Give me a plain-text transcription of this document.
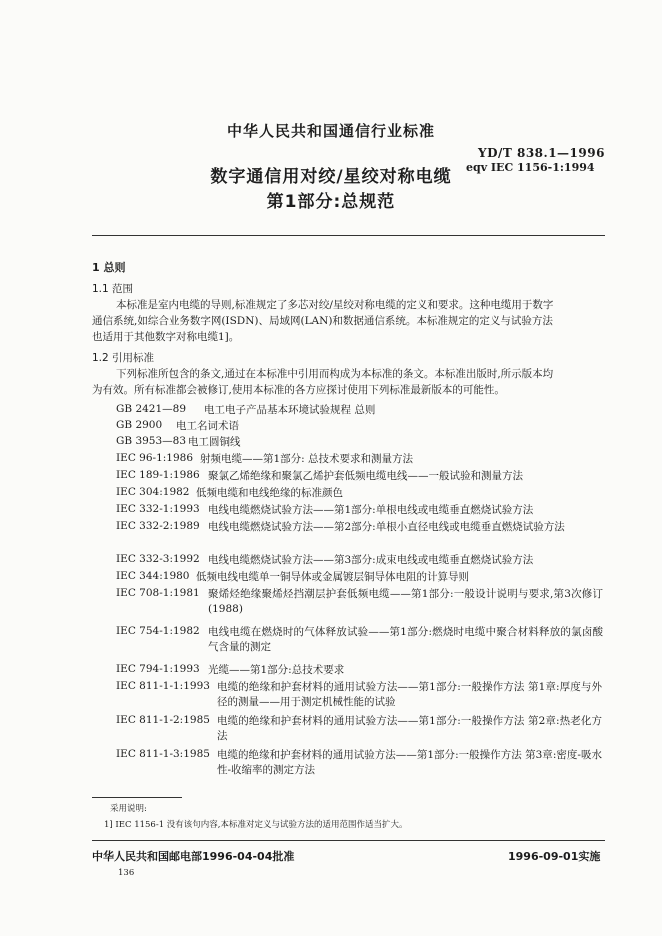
中华人民共和国通信行业标准
YD/T 838.1—1996
eqv IEC 1156-1:1994
数字通信用对绞/星绞对称电缆
第1部分:总规范
1 总则
1.1 范围
本标准是室内电缆的导则,标准规定了多芯对绞/星绞对称电缆的定义和要求。这种电缆用于数字
通信系统,如综合业务数字网(ISDN)、局域网(LAN)和数据通信系统。本标准规定的定义与试验方法
也适用于其他数字对称电缆1]。
1.2 引用标准
下列标准所包含的条文,通过在本标准中引用而构成为本标准的条文。本标准出版时,所示版本均
为有效。所有标准都会被修订,使用本标准的各方应探讨使用下列标准最新版本的可能性。
GB 2421—89 电工电子产品基本环境试验规程 总则
GB 2900 电工名词术语
GB 3953—83 电工圆铜线
IEC 96-1:1986 射频电缆——第1部分: 总技术要求和测量方法
IEC 189-1:1986 聚氯乙烯绝缘和聚氯乙烯护套低频电缆电线——一般试验和测量方法
IEC 304:1982 低频电缆和电线绝缘的标准颜色
IEC 332-1:1993 电线电缆燃烧试验方法——第1部分:单根电线或电缆垂直燃烧试验方法
IEC 332-2:1989 电线电缆燃烧试验方法——第2部分:单根小直径电线或电缆垂直燃烧试验方法
IEC 332-3:1992 电线电缆燃烧试验方法——第3部分:成束电线或电缆垂直燃烧试验方法
IEC 344:1980 低频电线电缆单一铜导体或金属镀层铜导体电阻的计算导则
IEC 708-1:1981 聚烯烃绝缘聚烯烃挡潮层护套低频电缆——第1部分:一般设计说明与要求,第3次修订(1988)
IEC 754-1:1982 电线电缆在燃烧时的气体释放试验——第1部分:燃烧时电缆中聚合材料释放的氯卤酸气含量的测定
IEC 794-1:1993 光缆——第1部分:总技术要求
IEC 811-1-1:1993 电缆的绝缘和护套材料的通用试验方法——第1部分:一般操作方法 第1章:厚度与外径的测量——用于测定机械性能的试验
IEC 811-1-2:1985 电缆的绝缘和护套材料的通用试验方法——第1部分:一般操作方法 第2章:热老化方法
IEC 811-1-3:1985 电缆的绝缘和护套材料的通用试验方法——第1部分:一般操作方法 第3章:密度-吸水性-收缩率的测定方法
采用说明:
1] IEC 1156-1 没有该句内容,本标准对定义与试验方法的适用范围作适当扩大。
中华人民共和国邮电部1996-04-04批准	1996-09-01实施
136
